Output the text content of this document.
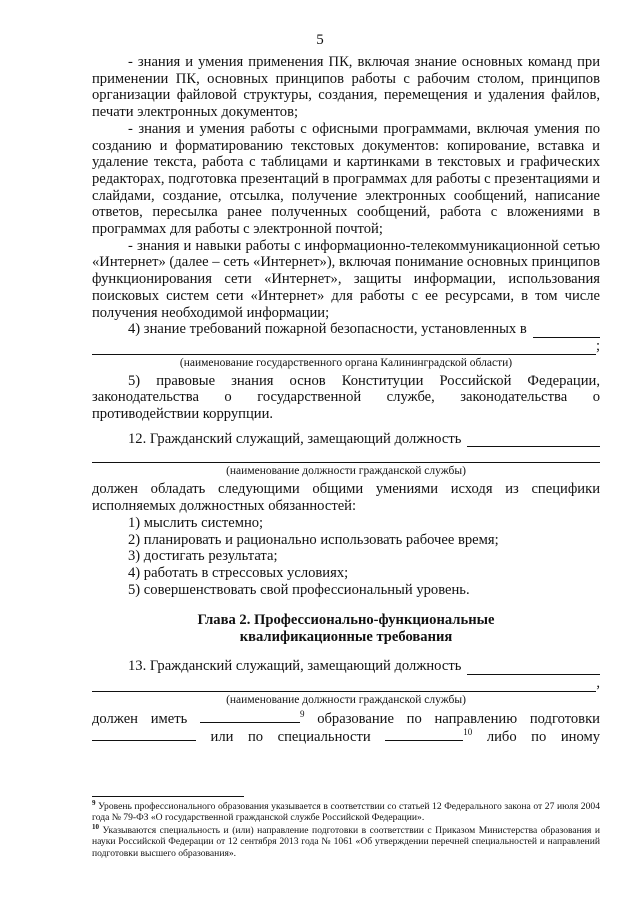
5

- знания и умения применения ПК, включая знание основных команд при применении ПК, основных принципов работы с рабочим столом, принципов организации файловой структуры, создания, перемещения и удаления файлов, печати электронных документов;

- знания и умения работы с офисными программами, включая умения по созданию и форматированию текстовых документов: копирование, вставка и удаление текста, работа с таблицами и картинками в текстовых и графических редакторах, подготовка презентаций в программах для работы с презентациями и слайдами, создание, отсылка, получение электронных сообщений, написание ответов, пересылка ранее полученных сообщений, работа с вложениями в программах для работы с электронной почтой;

- знания и навыки работы с информационно-телекоммуникационной сетью «Интернет» (далее – сеть «Интернет»), включая понимание основных принципов функционирования сети «Интернет», защиты информации, использования поисковых систем сети «Интернет» для работы с ее ресурсами, в том числе получения необходимой информации;

4) знание требований пожарной безопасности, установленных в
;

(наименование государственного органа Калининградской области)

5) правовые знания основ Конституции Российской Федерации, законодательства о государственной службе, законодательства о противодействии коррупции.

12. Гражданский служащий, замещающий должность

(наименование должности гражданской службы)

должен обладать следующими общими умениями исходя из специфики исполняемых должностных обязанностей:

1) мыслить системно;

2) планировать и рационально использовать рабочее время;

3) достигать результата;

4) работать в стрессовых условиях;

5) совершенствовать свой профессиональный уровень.

Глава 2. Профессионально-функциональные
квалификационные требования
13. Гражданский служащий, замещающий должность
,

(наименование должности гражданской службы)

должен иметь	$^9$ образование по направлению подготовки

или по специальности	$^{10}$ либо по иному

$^9$ Уровень профессионального образования указывается в соответствии со статьей 12 Федерального закона от 27 июля 2004 года № 79-ФЗ «О государственной гражданской службе Российской Федерации».
$^{10}$ Указываются специальность и (или) направление подготовки в соответствии с Приказом Министерства образования и науки Российской Федерации от 12 сентября 2013 года № 1061 «Об утверждении перечней специальностей и направлений подготовки высшего образования».
